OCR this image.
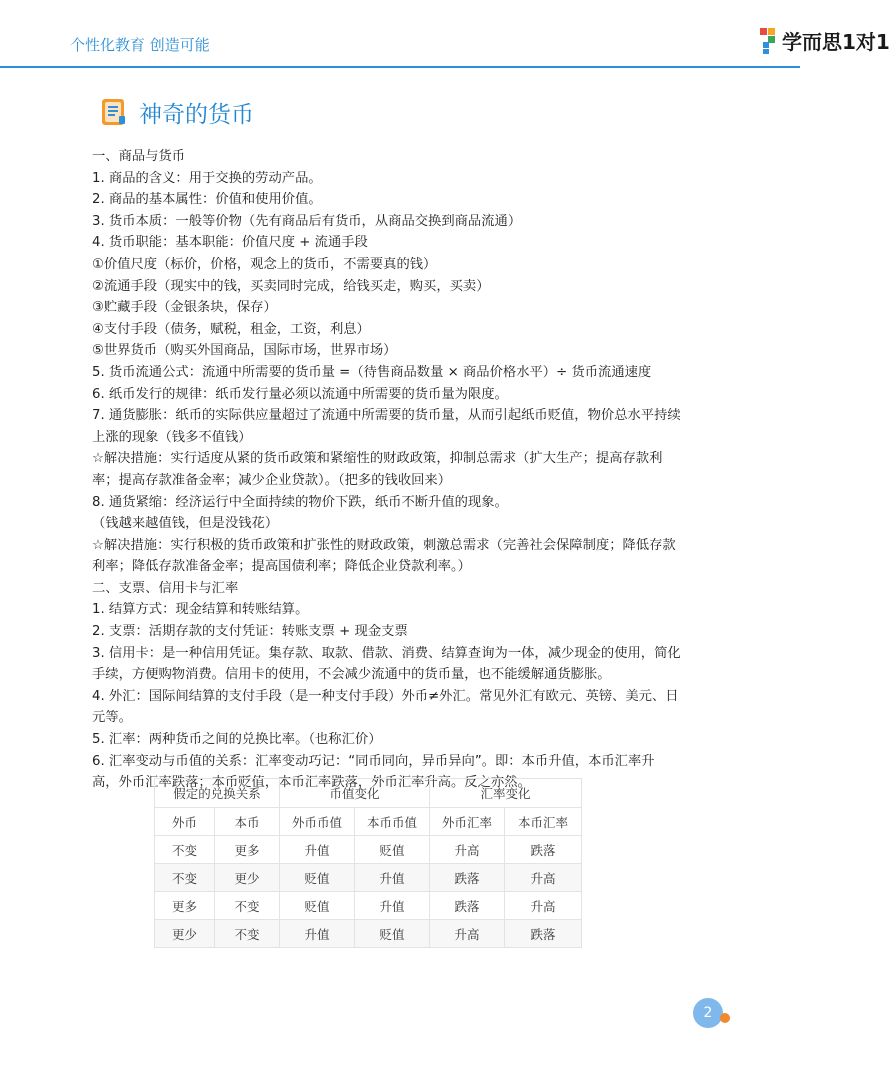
个性化教育 创造可能	学而思1对1
神奇的货币

一、商品与货币

1. 商品的含义：用于交换的劳动产品。

2. 商品的基本属性：价值和使用价值。

3. 货币本质：一般等价物（先有商品后有货币，从商品交换到商品流通）

4. 货币职能：基本职能：价值尺度 + 流通手段

①价值尺度（标价，价格，观念上的货币，不需要真的钱）

②流通手段（现实中的钱，买卖同时完成，给钱买走，购买，买卖）

③贮藏手段（金银条块，保存）

④支付手段（债务，赋税，租金，工资，利息）

⑤世界货币（购买外国商品，国际市场，世界市场）

5. 货币流通公式：流通中所需要的货币量 =（待售商品数量 × 商品价格水平）÷ 货币流通速度

6. 纸币发行的规律：纸币发行量必须以流通中所需要的货币量为限度。

7. 通货膨胀：纸币的实际供应量超过了流通中所需要的货币量，从而引起纸币贬值，物价总水平持续

上涨的现象（钱多不值钱）

☆解决措施：实行适度从紧的货币政策和紧缩性的财政政策，抑制总需求（扩大生产；提高存款利

率；提高存款准备金率；减少企业贷款）。（把多的钱收回来）

8. 通货紧缩：经济运行中全面持续的物价下跌，纸币不断升值的现象。

（钱越来越值钱，但是没钱花）

☆解决措施：实行积极的货币政策和扩张性的财政政策，刺激总需求（完善社会保障制度；降低存款

利率；降低存款准备金率；提高国债利率；降低企业贷款利率。）

二、支票、信用卡与汇率

1. 结算方式：现金结算和转账结算。

2. 支票：活期存款的支付凭证：转账支票 + 现金支票

3. 信用卡：是一种信用凭证。集存款、取款、借款、消费、结算查询为一体，减少现金的使用，简化

手续，方便购物消费。信用卡的使用，不会减少流通中的货币量，也不能缓解通货膨胀。

4. 外汇：国际间结算的支付手段（是一种支付手段）外币≠外汇。常见外汇有欧元、英镑、美元、日

元等。

5. 汇率：两种货币之间的兑换比率。（也称汇价）

6. 汇率变动与币值的关系：汇率变动巧记：“同币同向，异币异向”。即：本币升值，本币汇率升

高，外币汇率跌落；本币贬值，本币汇率跌落，外币汇率升高。反之亦然。

假定的兑换关系		币值变化		汇率变化	
外币	本币	外币币值	本币币值	外币汇率	本币汇率
不变	更多	升值	贬值	升高	跌落
不变	更少	贬值	升值	跌落	升高
更多	不变	贬值	升值	跌落	升高
更少	不变	升值	贬值	升高	跌落
2
